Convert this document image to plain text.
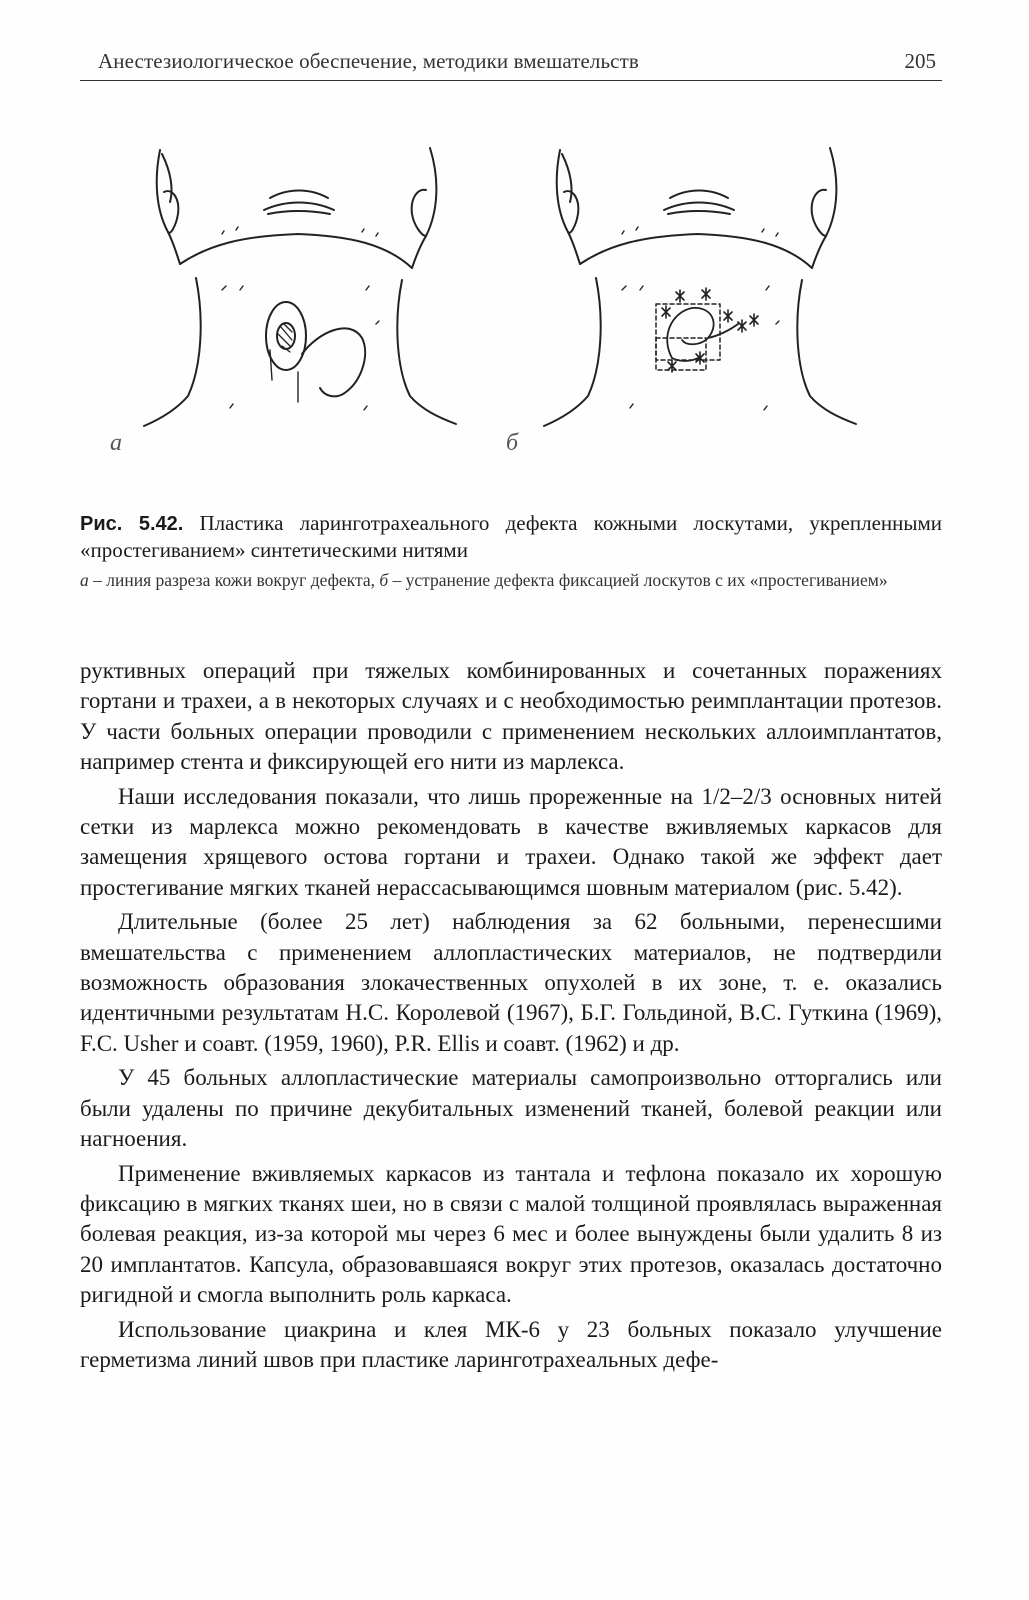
Анестезиологическое обеспечение, методики вмешательств	205
а	б
Рис. 5.42. Пластика ларинготрахеального дефекта кожными лоскутами, укрепленными «простегиванием» синтетическими нитями
а – линия разреза кожи вокруг дефекта, б – устранение дефекта фиксацией лоскутов с их «простегиванием»

руктивных операций при тяжелых комбинированных и сочетанных поражениях гортани и трахеи, а в некоторых случаях и с необходимостью реимплантации протезов. У части больных операции проводили с применением нескольких аллоимплантатов, например стента и фиксирующей его нити из марлекса.

Наши исследования показали, что лишь прореженные на 1/2–2/3 основных нитей сетки из марлекса можно рекомендовать в качестве вживляемых каркасов для замещения хрящевого остова гортани и трахеи. Однако такой же эффект дает простегивание мягких тканей нерассасывающимся шовным материалом (рис. 5.42).

Длительные (более 25 лет) наблюдения за 62 больными, перенесшими вмешательства с применением аллопластических материалов, не подтвердили возможность образования злокачественных опухолей в их зоне, т. е. оказались идентичными результатам Н.С. Королевой (1967), Б.Г. Гольдиной, В.С. Гуткина (1969), F.C. Usher и соавт. (1959, 1960), P.R. Ellis и соавт. (1962) и др.

У 45 больных аллопластические материалы самопроизвольно отторгались или были удалены по причине декубитальных изменений тканей, болевой реакции или нагноения.

Применение вживляемых каркасов из тантала и тефлона показало их хорошую фиксацию в мягких тканях шеи, но в связи с малой толщиной проявлялась выраженная болевая реакция, из-за которой мы через 6 мес и более вынуждены были удалить 8 из 20 имплантатов. Капсула, образовавшаяся вокруг этих протезов, оказалась достаточно ригидной и смогла выполнить роль каркаса.

Использование циакрина и клея МК-6 у 23 больных показало улучшение герметизма линий швов при пластике ларинготрахеальных дефе-
